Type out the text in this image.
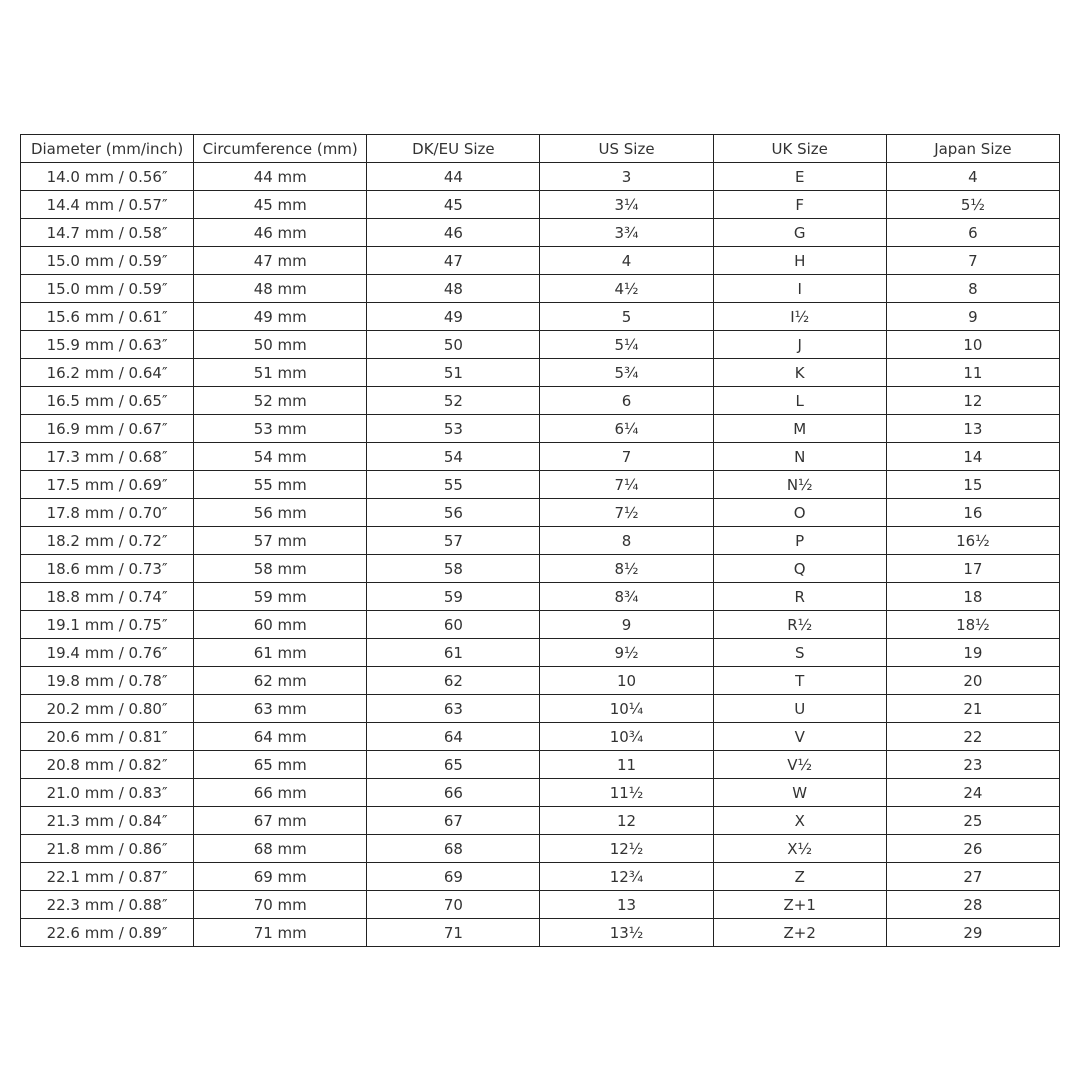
Diameter (mm/inch)	Circumference (mm)	DK/EU Size	US Size	UK Size	Japan Size
14.0 mm / 0.56″	44 mm	44	3	E	4
14.4 mm / 0.57″	45 mm	45	3¼	F	5½
14.7 mm / 0.58″	46 mm	46	3¾	G	6
15.0 mm / 0.59″	47 mm	47	4	H	7
15.0 mm / 0.59″	48 mm	48	4½	I	8
15.6 mm / 0.61″	49 mm	49	5	I½	9
15.9 mm / 0.63″	50 mm	50	5¼	J	10
16.2 mm / 0.64″	51 mm	51	5¾	K	11
16.5 mm / 0.65″	52 mm	52	6	L	12
16.9 mm / 0.67″	53 mm	53	6¼	M	13
17.3 mm / 0.68″	54 mm	54	7	N	14
17.5 mm / 0.69″	55 mm	55	7¼	N½	15
17.8 mm / 0.70″	56 mm	56	7½	O	16
18.2 mm / 0.72″	57 mm	57	8	P	16½
18.6 mm / 0.73″	58 mm	58	8½	Q	17
18.8 mm / 0.74″	59 mm	59	8¾	R	18
19.1 mm / 0.75″	60 mm	60	9	R½	18½
19.4 mm / 0.76″	61 mm	61	9½	S	19
19.8 mm / 0.78″	62 mm	62	10	T	20
20.2 mm / 0.80″	63 mm	63	10¼	U	21
20.6 mm / 0.81″	64 mm	64	10¾	V	22
20.8 mm / 0.82″	65 mm	65	11	V½	23
21.0 mm / 0.83″	66 mm	66	11½	W	24
21.3 mm / 0.84″	67 mm	67	12	X	25
21.8 mm / 0.86″	68 mm	68	12½	X½	26
22.1 mm / 0.87″	69 mm	69	12¾	Z	27
22.3 mm / 0.88″	70 mm	70	13	Z+1	28
22.6 mm / 0.89″	71 mm	71	13½	Z+2	29
